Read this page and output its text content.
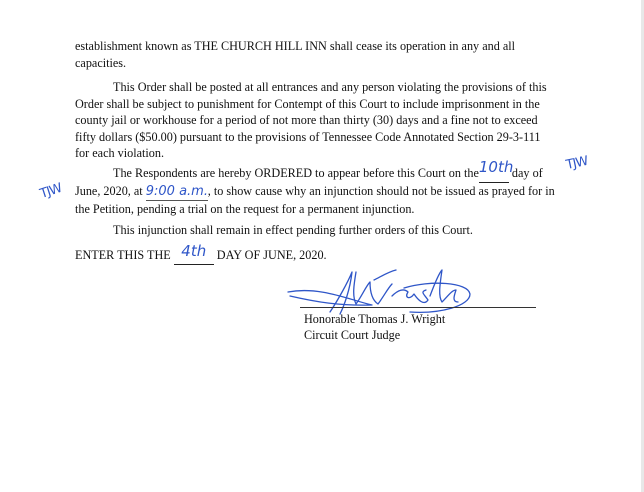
establishment known as THE CHURCH HILL INN shall cease its operation in any and all
capacities.
This Order shall be posted at all entrances and any person violating the provisions of this
Order shall be subject to punishment for Contempt of this Court to include imprisonment in the
county jail or workhouse for a period of not more than thirty (30) days and a fine not to exceed
fifty dollars ($50.00) pursuant to the provisions of Tennessee Code Annotated Section 29-3-111
for each violation.
The Respondents are hereby ORDERED to appear before this Court on the10th day of
June, 2020, at 9:00 a.m., to show cause why an injunction should not be issued as prayed for in
the Petition, pending a trial on the request for a permanent injunction.
This injunction shall remain in effect pending further orders of this Court.
ENTER THIS THE 4th DAY OF JUNE, 2020.
TJW
TJW
Honorable Thomas J. Wright
Circuit Court Judge
